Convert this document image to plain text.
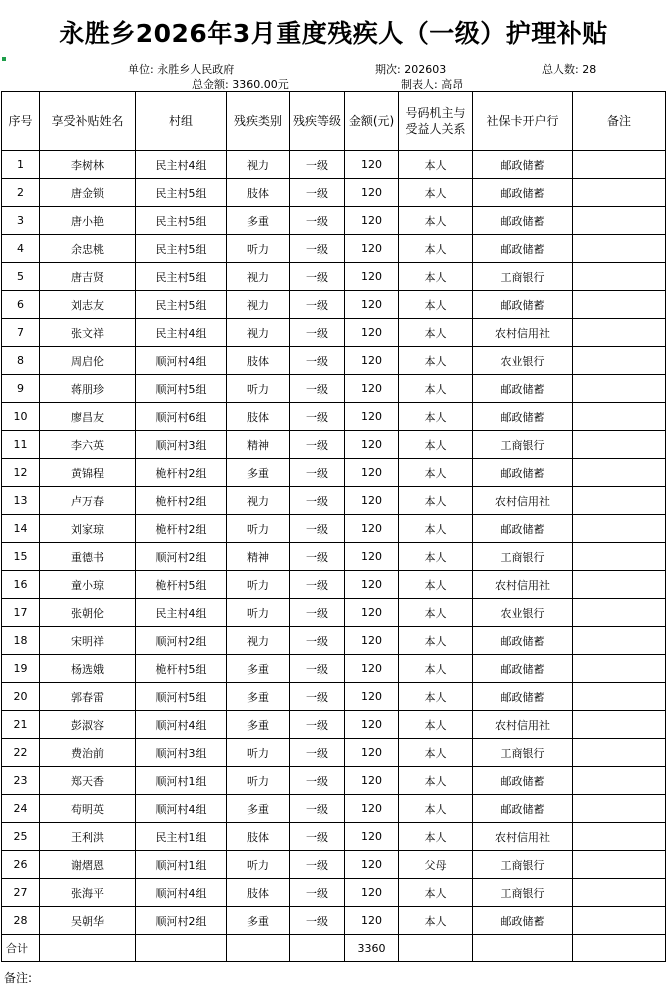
永胜乡2026年3月重度残疾人（一级）护理补贴
单位: 永胜乡人民政府	期次: 202603	总人数: 28
总金额: 3360.00元	制表人: 高昂
序号	享受补贴姓名	村组	残疾类别	残疾等级	金额(元)	号码机主与受益人关系	社保卡开户行	备注
1	李树林	民主村4组	视力	一级	120	本人	邮政储蓄	
2	唐金锁	民主村5组	肢体	一级	120	本人	邮政储蓄	
3	唐小艳	民主村5组	多重	一级	120	本人	邮政储蓄	
4	余忠桃	民主村5组	听力	一级	120	本人	邮政储蓄	
5	唐吉贤	民主村5组	视力	一级	120	本人	工商银行	
6	刘志友	民主村5组	视力	一级	120	本人	邮政储蓄	
7	张文祥	民主村4组	视力	一级	120	本人	农村信用社	
8	周启伦	顺河村4组	肢体	一级	120	本人	农业银行	
9	蒋朋珍	顺河村5组	听力	一级	120	本人	邮政储蓄	
10	廖昌友	顺河村6组	肢体	一级	120	本人	邮政储蓄	
11	李六英	顺河村3组	精神	一级	120	本人	工商银行	
12	黄锦程	桅杆村2组	多重	一级	120	本人	邮政储蓄	
13	卢万春	桅杆村2组	视力	一级	120	本人	农村信用社	
14	刘家琼	桅杆村2组	听力	一级	120	本人	邮政储蓄	
15	重德书	顺河村2组	精神	一级	120	本人	工商银行	
16	童小琼	桅杆村5组	听力	一级	120	本人	农村信用社	
17	张朝伦	民主村4组	听力	一级	120	本人	农业银行	
18	宋明祥	顺河村2组	视力	一级	120	本人	邮政储蓄	
19	杨选娥	桅杆村5组	多重	一级	120	本人	邮政储蓄	
20	郭春雷	顺河村5组	多重	一级	120	本人	邮政储蓄	
21	彭淑容	顺河村4组	多重	一级	120	本人	农村信用社	
22	费治前	顺河村3组	听力	一级	120	本人	工商银行	
23	郑天香	顺河村1组	听力	一级	120	本人	邮政储蓄	
24	苟明英	顺河村4组	多重	一级	120	本人	邮政储蓄	
25	王利洪	民主村1组	肢体	一级	120	本人	农村信用社	
26	谢熠恩	顺河村1组	听力	一级	120	父母	工商银行	
27	张海平	顺河村4组	肢体	一级	120	本人	工商银行	
28	吴朝华	顺河村2组	多重	一级	120	本人	邮政储蓄	
合计					3360			
备注:
